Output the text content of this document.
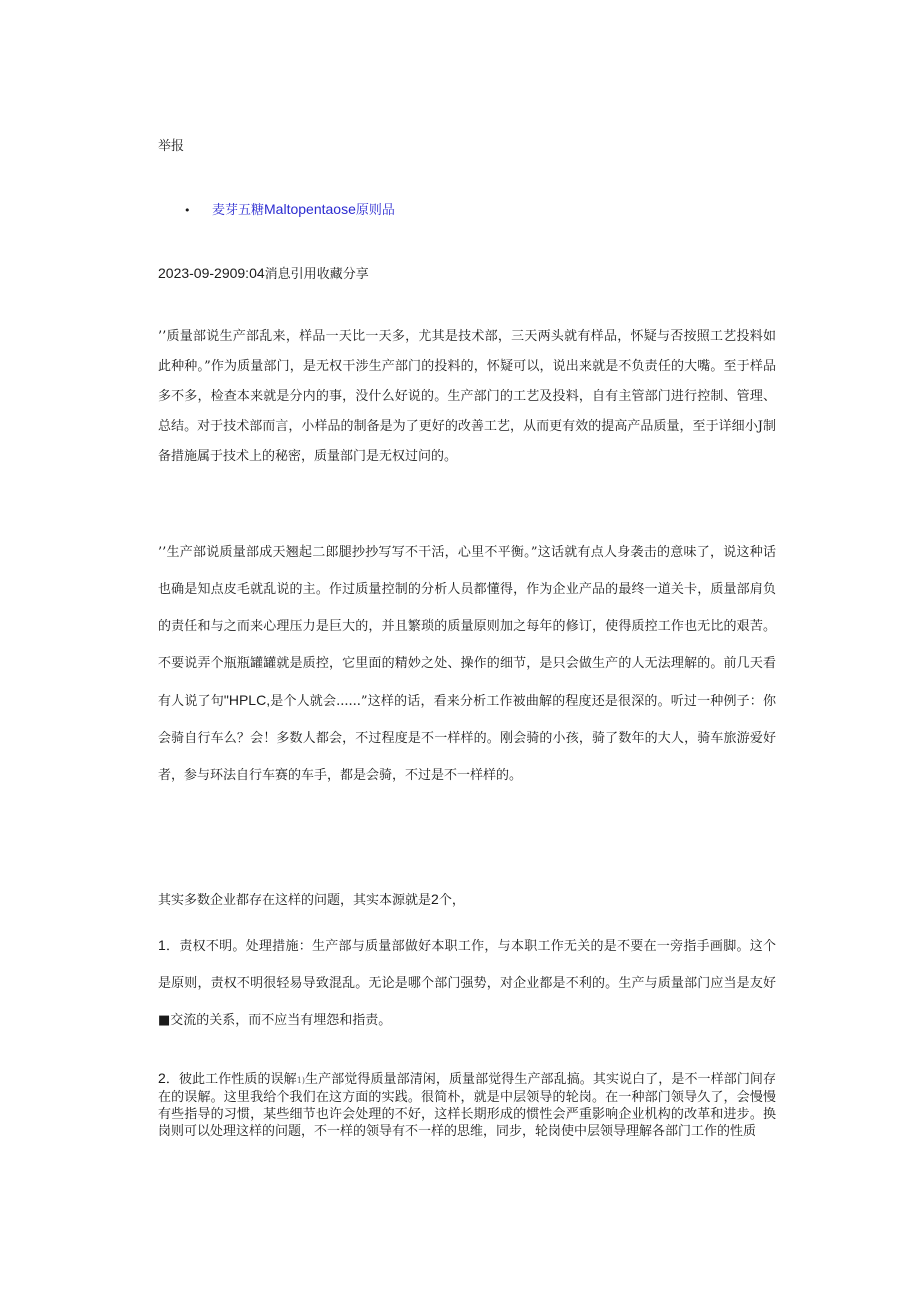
举报
• 麦芽五糖Maltopentaose原则品
2023-09-2909:04消息引用收藏分享

’’质量部说生产部乱来，样品一天比一天多，尤其是技术部，三天两头就有样品，怀疑与否按照工艺投料如此种种。”作为质量部门，是无权干涉生产部门的投料的，怀疑可以，说出来就是不负责任的大嘴。至于样品多不多，检查本来就是分内的事，没什么好说的。生产部门的工艺及投料，自有主管部门进行控制、管理、总结。对于技术部而言，小样品的制备是为了更好的改善工艺，从而更有效的提高产品质量，至于详细小J制备措施属于技术上的秘密，质量部门是无权过问的。

’’生产部说质量部成天翘起二郎腿抄抄写写不干活，心里不平衡。”这话就有点人身袭击的意味了，说这种话也确是知点皮毛就乱说的主。作过质量控制的分析人员都懂得，作为企业产品的最终一道关卡，质量部肩负的责任和与之而来心理压力是巨大的，并且繁琐的质量原则加之每年的修订，使得质控工作也无比的艰苦。不要说弄个瓶瓶罐罐就是质控，它里面的精妙之处、操作的细节，是只会做生产的人无法理解的。前几天看有人说了句"HPLC,是个人就会......”这样的话，看来分析工作被曲解的程度还是很深的。听过一种例子：你会骑自行车么？会！多数人都会，不过程度是不一样样的。刚会骑的小孩，骑了数年的大人，骑车旅游爱好者，参与环法自行车赛的车手，都是会骑，不过是不一样样的。

其实多数企业都存在这样的问题，其实本源就是2个，

1．责权不明。处理措施：生产部与质量部做好本职工作，与本职工作无关的是不要在一旁指手画脚。这个是原则，责权不明很轻易导致混乱。无论是哪个部门强势，对企业都是不利的。生产与质量部门应当是友好■交流的关系，而不应当有埋怨和指责。

2．彼此工作性质的误解1)生产部觉得质量部清闲，质量部觉得生产部乱搞。其实说白了，是不一样部门间存在的误解。这里我给个我们在这方面的实践。很简朴，就是中层领导的轮岗。在一种部门领导久了，会慢慢有些指导的习惯，某些细节也许会处理的不好，这样长期形成的惯性会严重影响企业机构的改革和进步。换岗则可以处理这样的问题，不一样的领导有不一样的思维，同步，轮岗使中层领导理解各部门工作的性质
